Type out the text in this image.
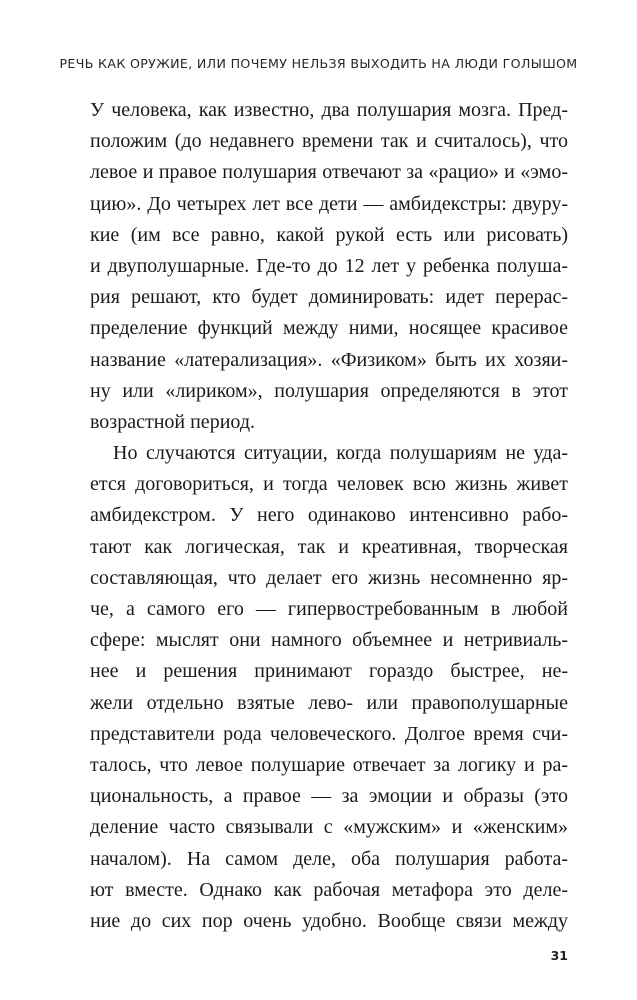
РЕЧЬ КАК ОРУЖИЕ, ИЛИ ПОЧЕМУ НЕЛЬЗЯ ВЫХОДИТЬ НА ЛЮДИ ГОЛЫШОМ
У человека, как известно, два полушария мозга. Пред-
положим (до недавнего времени так и считалось), что
левое и правое полушария отвечают за «рацио» и «эмо-
цию». До четырех лет все дети — амбидекстры: двуру-
кие (им все равно, какой рукой есть или рисовать)
и двуполушарные. Где-то до 12 лет у ребенка полуша-
рия решают, кто будет доминировать: идет перерас-
пределение функций между ними, носящее красивое
название «латерализация». «Физиком» быть их хозяи-
ну или «лириком», полушария определяются в этот
возрастной период.
Но случаются ситуации, когда полушариям не уда-
ется договориться, и тогда человек всю жизнь живет
амбидекстром. У него одинаково интенсивно рабо-
тают как логическая, так и креативная, творческая
составляющая, что делает его жизнь несомненно яр-
че, а самого его — гипервостребованным в любой
сфере: мыслят они намного объемнее и нетривиаль-
нее и решения принимают гораздо быстрее, не-
жели отдельно взятые лево- или правополушарные
представители рода человеческого. Долгое время счи-
талось, что левое полушарие отвечает за логику и ра-
циональность, а правое — за эмоции и образы (это
деление часто связывали с «мужским» и «женским»
началом). На самом деле, оба полушария работа-
ют вместе. Однако как рабочая метафора это деле-
ние до сих пор очень удобно. Вообще связи между
31
